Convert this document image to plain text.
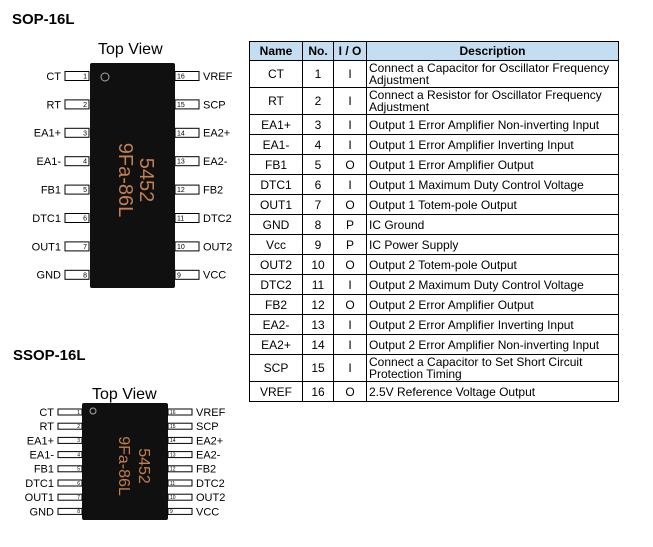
SOP-16L
Top View
SSOP-16L
Top View
1
CT
2
RT
3
EA1+
4
EA1-
5
FB1
6
DTC1
7
OUT1
8
GND
16 VREF
15 SCP
14 EA2+
13 EA2-
12 FB2
11 DTC2
10 OUT2
9 VCC
5452
9Fa-86L
1
CT
2
RT
3
EA1+
4
EA1-
5
FB1
6
DTC1
7
OUT1
8
GND
16 VREF
15 SCP
14 EA2+
13 EA2-
12 FB2
11 DTC2
10 OUT2
9 VCC
5452
9Fa-86L
Name	No.	I / O	Description
CT	1	I	Connect a Capacitor for Oscillator Frequency Adjustment
RT	2	I	Connect a Resistor for Oscillator Frequency Adjustment
EA1+	3	I	Output 1 Error Amplifier Non-inverting Input
EA1-	4	I	Output 1 Error Amplifier Inverting Input
FB1	5	O	Output 1 Error Amplifier Output
DTC1	6	I	Output 1 Maximum Duty Control Voltage
OUT1	7	O	Output 1 Totem-pole Output
GND	8	P	IC Ground
Vcc	9	P	IC Power Supply
OUT2	10	O	Output 2 Totem-pole Output
DTC2	11	I	Output 2 Maximum Duty Control Voltage
FB2	12	O	Output 2 Error Amplifier Output
EA2-	13	I	Output 2 Error Amplifier Inverting Input
EA2+	14	I	Output 2 Error Amplifier Non-inverting Input
SCP	15	I	Connect a Capacitor to Set Short Circuit Protection Timing
VREF	16	O	2.5V Reference Voltage Output
